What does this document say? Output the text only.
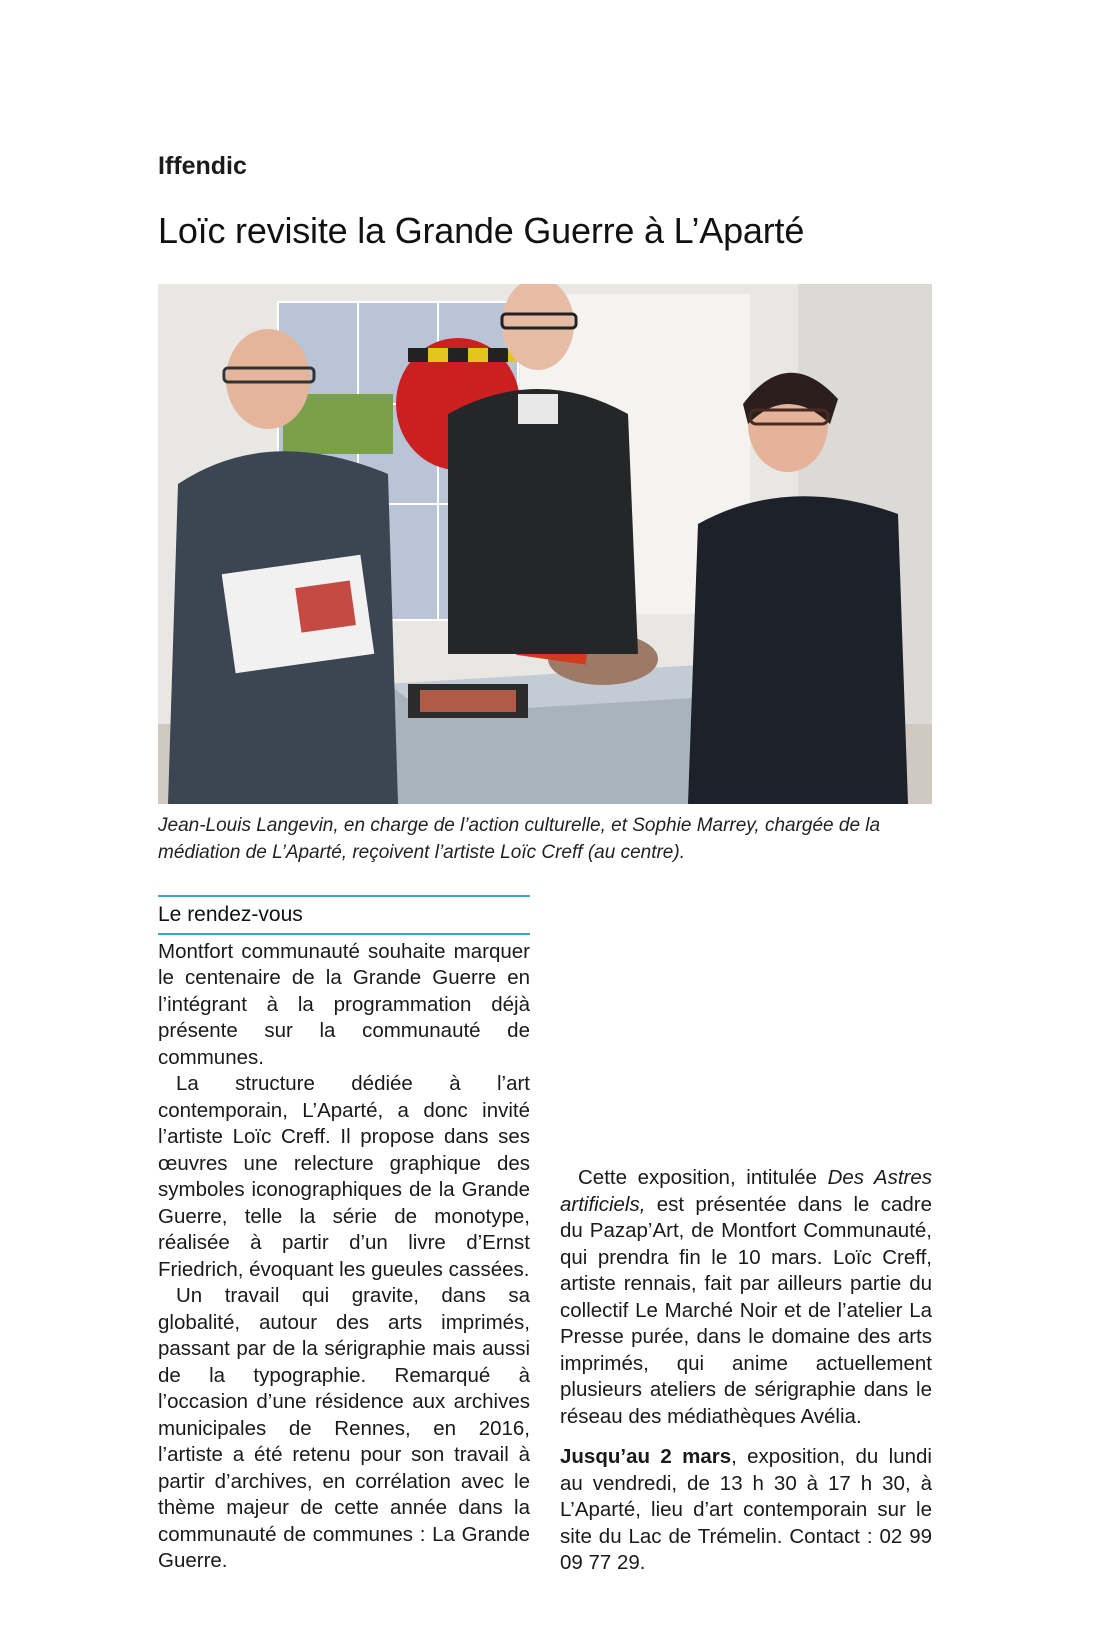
Iffendic
Loïc revisite la Grande Guerre à L’Aparté
Jean-Louis Langevin, en charge de l’action culturelle, et Sophie Marrey, chargée de la médiation de L’Aparté, reçoivent l’artiste Loïc Creff (au centre).
Le rendez-vous

Montfort communauté souhaite marquer le centenaire de la Grande Guerre en l’intégrant à la programmation déjà présente sur la communauté de communes.

La structure dédiée à l’art contemporain, L’Aparté, a donc invité l’artiste Loïc Creff. Il propose dans ses œuvres une relecture graphique des symboles iconographiques de la Grande Guerre, telle la série de monotype, réalisée à partir d’un livre d’Ernst Friedrich, évoquant les gueules cassées.

Un travail qui gravite, dans sa globalité, autour des arts imprimés, passant par de la sérigraphie mais aussi de la typographie. Remarqué à l’occasion d’une résidence aux archives municipales de Rennes, en 2016, l’artiste a été retenu pour son travail à partir d’archives, en corrélation avec le thème majeur de cette année dans la communauté de communes : La Grande Guerre.

Cette exposition, intitulée Des Astres artificiels, est présentée dans le cadre du Pazap’Art, de Montfort Communauté, qui prendra fin le 10 mars. Loïc Creff, artiste rennais, fait par ailleurs partie du collectif Le Marché Noir et de l’atelier La Presse purée, dans le domaine des arts imprimés, qui anime actuellement plusieurs ateliers de sérigraphie dans le réseau des médiathèques Avélia.

Jusqu’au 2 mars, exposition, du lundi au vendredi, de 13 h 30 à 17 h 30, à L’Aparté, lieu d’art contemporain sur le site du Lac de Trémelin. Contact : 02 99 09 77 29.
